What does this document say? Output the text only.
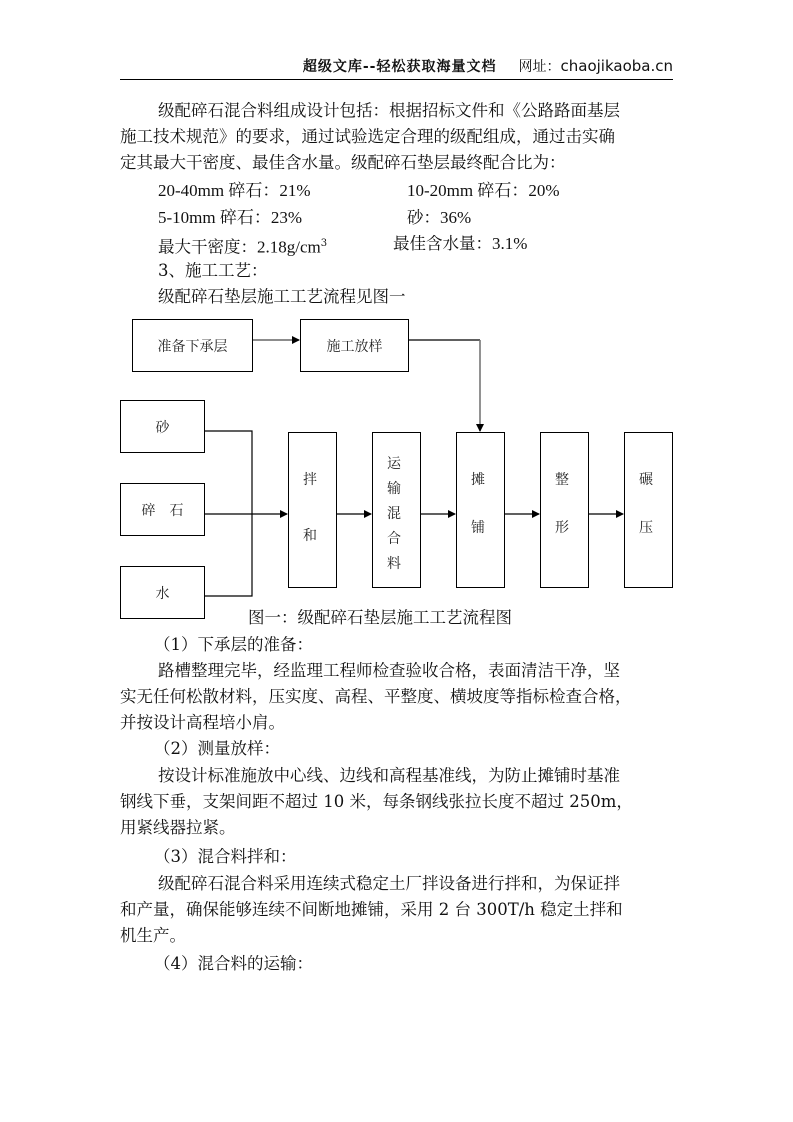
超级文库--轻松获取海量文档 网址：chaojikaoba.cn
级配碎石混合料组成设计包括：根据招标文件和《公路路面基层
施工技术规范》的要求，通过试验选定合理的级配组成，通过击实确
定其最大干密度、最佳含水量。级配碎石垫层最终配合比为：
20-40mm 碎石：21%	10-20mm 碎石：20%
5-10mm 碎石：23%	砂：36%
最大干密度：$2.18g/cm^3$	最佳含水量：3.1%
3、施工工艺：
级配碎石垫层施工工艺流程见图一
准备下承层	施工放样
砂
碎　石
水
拌
和
运
输
混
合
料
摊
铺
整
形
碾
压
图一：级配碎石垫层施工工艺流程图
（1）下承层的准备：
路槽整理完毕，经监理工程师检查验收合格，表面清洁干净，坚
实无任何松散材料，压实度、高程、平整度、横坡度等指标检查合格，
并按设计高程培小肩。
（2）测量放样：
按设计标准施放中心线、边线和高程基准线，为防止摊铺时基准
钢线下垂，支架间距不超过 10 米，每条钢线张拉长度不超过 250m，
用紧线器拉紧。
（3）混合料拌和：
级配碎石混合料采用连续式稳定土厂拌设备进行拌和，为保证拌
和产量，确保能够连续不间断地摊铺，采用 2 台 300T/h 稳定土拌和
机生产。
（4）混合料的运输：
